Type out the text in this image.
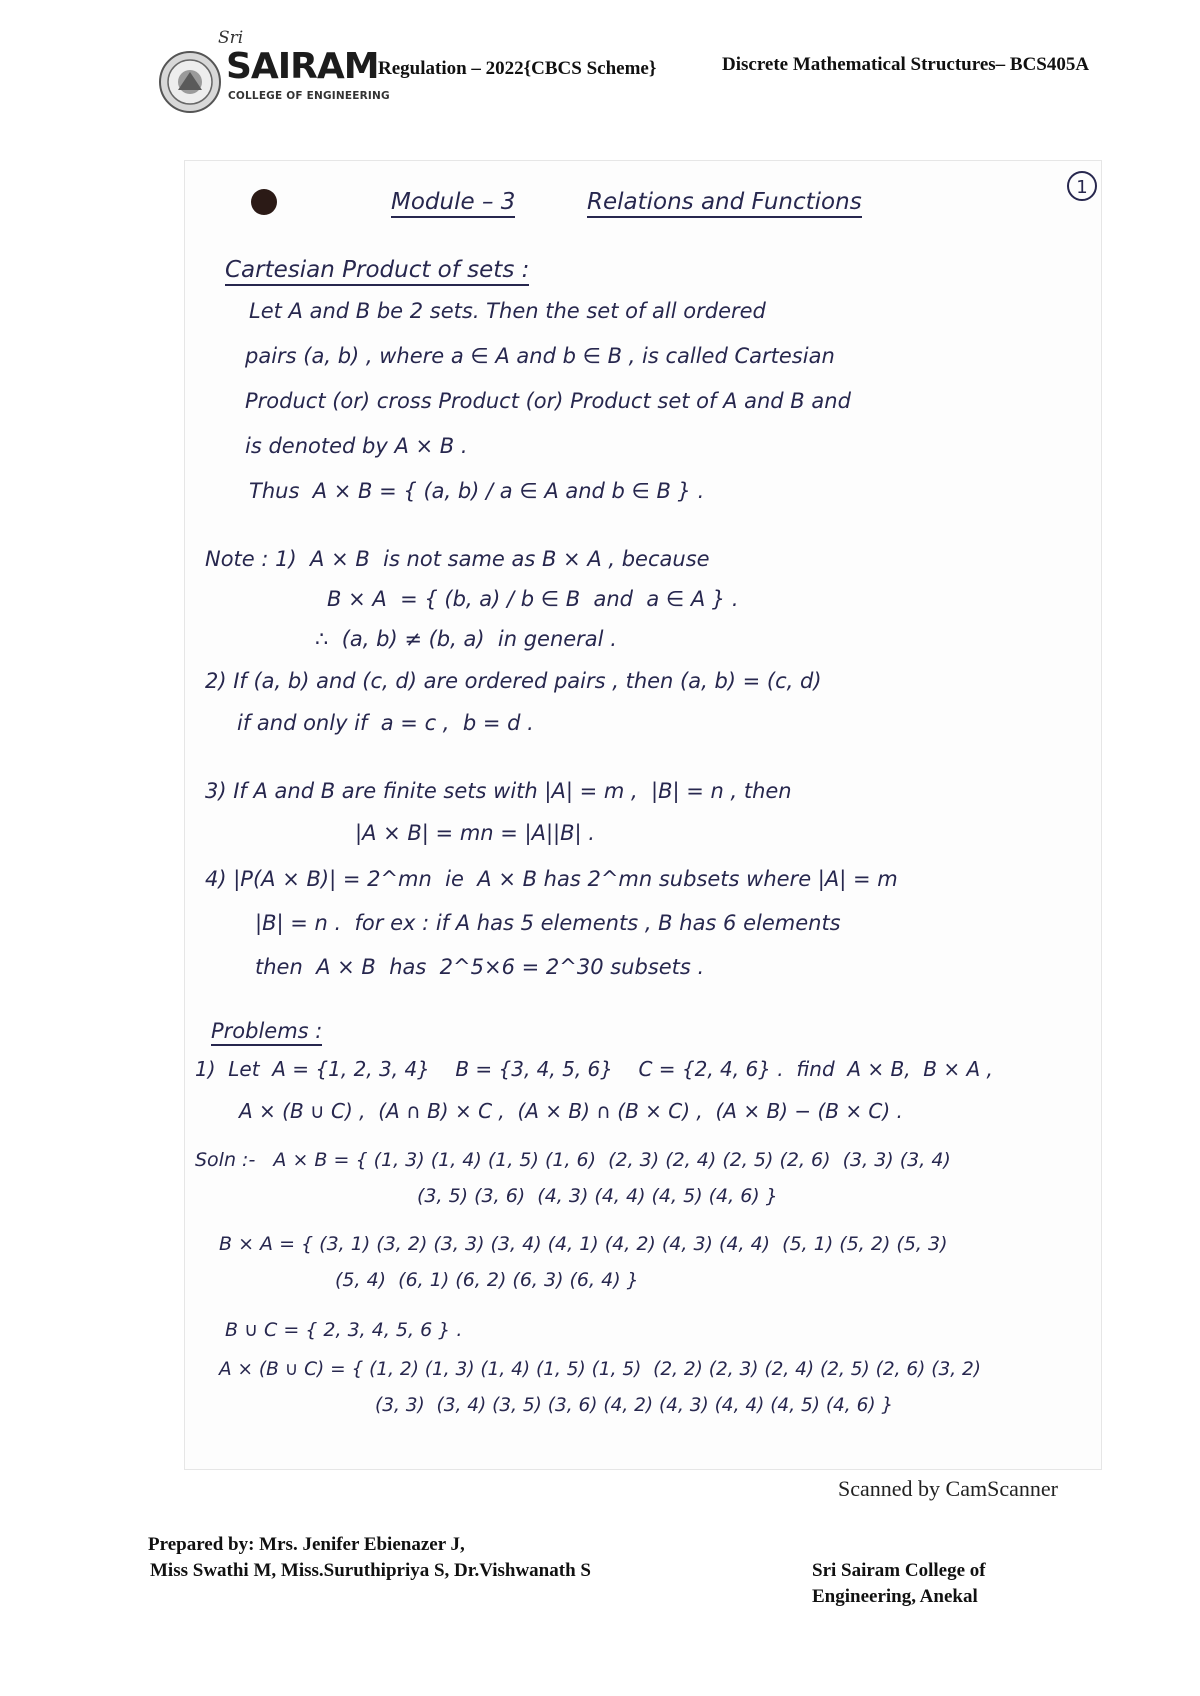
Sri
SAIRAM
COLLEGE OF ENGINEERING
Regulation – 2022{CBCS Scheme}	Discrete Mathematical Structures– BCS405A
1
Module – 3	Relations and Functions
Cartesian Product of sets :
Let A and B be 2 sets. Then the set of all ordered
pairs (a, b) , where a ∈ A and b ∈ B , is called Cartesian
Product (or) cross Product (or) Product set of A and B and
is denoted by A × B .
Thus  A × B = { (a, b) / a ∈ A and b ∈ B } .
Note : 1)  A × B  is not same as B × A , because
B × A  = { (b, a) / b ∈ B  and  a ∈ A } .
∴  (a, b) ≠ (b, a)  in general .
2) If (a, b) and (c, d) are ordered pairs , then (a, b) = (c, d)
if and only if  a = c ,  b = d .
3) If A and B are finite sets with |A| = m ,  |B| = n , then
|A × B| = mn = |A||B| .
4) |P(A × B)| = 2^mn  ie  A × B has 2^mn subsets where |A| = m
|B| = n .  for ex : if A has 5 elements , B has 6 elements
then  A × B  has  2^5×6 = 2^30 subsets .
Problems :
1)  Let  A = {1, 2, 3, 4}    B = {3, 4, 5, 6}    C = {2, 4, 6} .  find  A × B,  B × A ,
A × (B ∪ C) ,  (A ∩ B) × C ,  (A × B) ∩ (B × C) ,  (A × B) − (B × C) .
Soln :-   A × B = { (1, 3) (1, 4) (1, 5) (1, 6)  (2, 3) (2, 4) (2, 5) (2, 6)  (3, 3) (3, 4)
(3, 5) (3, 6)  (4, 3) (4, 4) (4, 5) (4, 6) }
B × A = { (3, 1) (3, 2) (3, 3) (3, 4) (4, 1) (4, 2) (4, 3) (4, 4)  (5, 1) (5, 2) (5, 3)
(5, 4)  (6, 1) (6, 2) (6, 3) (6, 4) }
B ∪ C = { 2, 3, 4, 5, 6 } .
A × (B ∪ C) = { (1, 2) (1, 3) (1, 4) (1, 5) (1, 5)  (2, 2) (2, 3) (2, 4) (2, 5) (2, 6) (3, 2)
(3, 3)  (3, 4) (3, 5) (3, 6) (4, 2) (4, 3) (4, 4) (4, 5) (4, 6) }
Scanned by CamScanner
Prepared by: Mrs. Jenifer Ebienazer J,
Miss Swathi M, Miss.Suruthipriya S, Dr.Vishwanath S	Sri Sairam College of
Engineering, Anekal
